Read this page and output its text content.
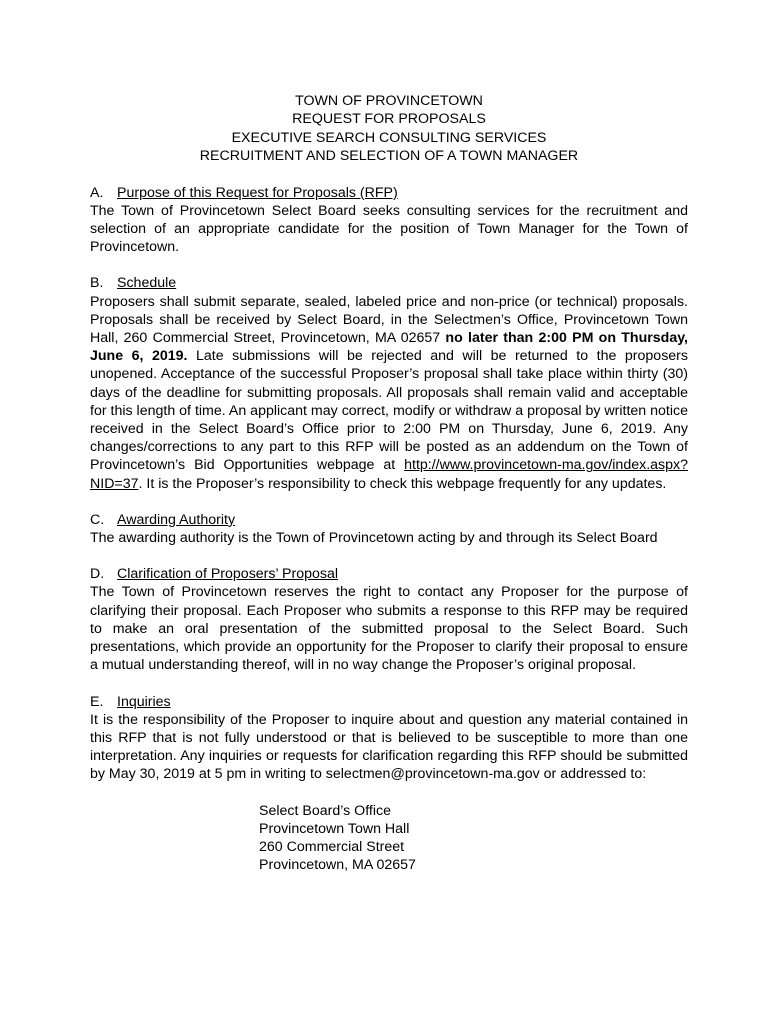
TOWN OF PROVINCETOWN
REQUEST FOR PROPOSALS
EXECUTIVE SEARCH CONSULTING SERVICES
RECRUITMENT AND SELECTION OF A TOWN MANAGER
A. Purpose of this Request for Proposals (RFP)

The Town of Provincetown Select Board seeks consulting services for the recruitment and selection of an appropriate candidate for the position of Town Manager for the Town of Provincetown.

B. Schedule

Proposers shall submit separate, sealed, labeled price and non-price (or technical) proposals. Proposals shall be received by Select Board, in the Selectmen’s Office, Provincetown Town Hall, 260 Commercial Street, Provincetown, MA 02657 no later than 2:00 PM on Thursday, June 6, 2019. Late submissions will be rejected and will be returned to the proposers unopened. Acceptance of the successful Proposer’s proposal shall take place within thirty (30) days of the deadline for submitting proposals. All proposals shall remain valid and acceptable for this length of time. An applicant may correct, modify or withdraw a proposal by written notice received in the Select Board’s Office prior to 2:00 PM on Thursday, June 6, 2019. Any changes/corrections to any part to this RFP will be posted as an addendum on the Town of Provincetown’s Bid Opportunities webpage at http://www.provincetown-ma.gov/index.aspx?NID=37. It is the Proposer’s responsibility to check this webpage frequently for any updates.

C. Awarding Authority

The awarding authority is the Town of Provincetown acting by and through its Select Board

D. Clarification of Proposers’ Proposal

The Town of Provincetown reserves the right to contact any Proposer for the purpose of clarifying their proposal. Each Proposer who submits a response to this RFP may be required to make an oral presentation of the submitted proposal to the Select Board. Such presentations, which provide an opportunity for the Proposer to clarify their proposal to ensure a mutual understanding thereof, will in no way change the Proposer’s original proposal.

E. Inquiries

It is the responsibility of the Proposer to inquire about and question any material contained in this RFP that is not fully understood or that is believed to be susceptible to more than one interpretation. Any inquiries or requests for clarification regarding this RFP should be submitted by May 30, 2019 at 5 pm in writing to selectmen@provincetown-ma.gov or addressed to:

Select Board’s Office
Provincetown Town Hall
260 Commercial Street
Provincetown, MA 02657
